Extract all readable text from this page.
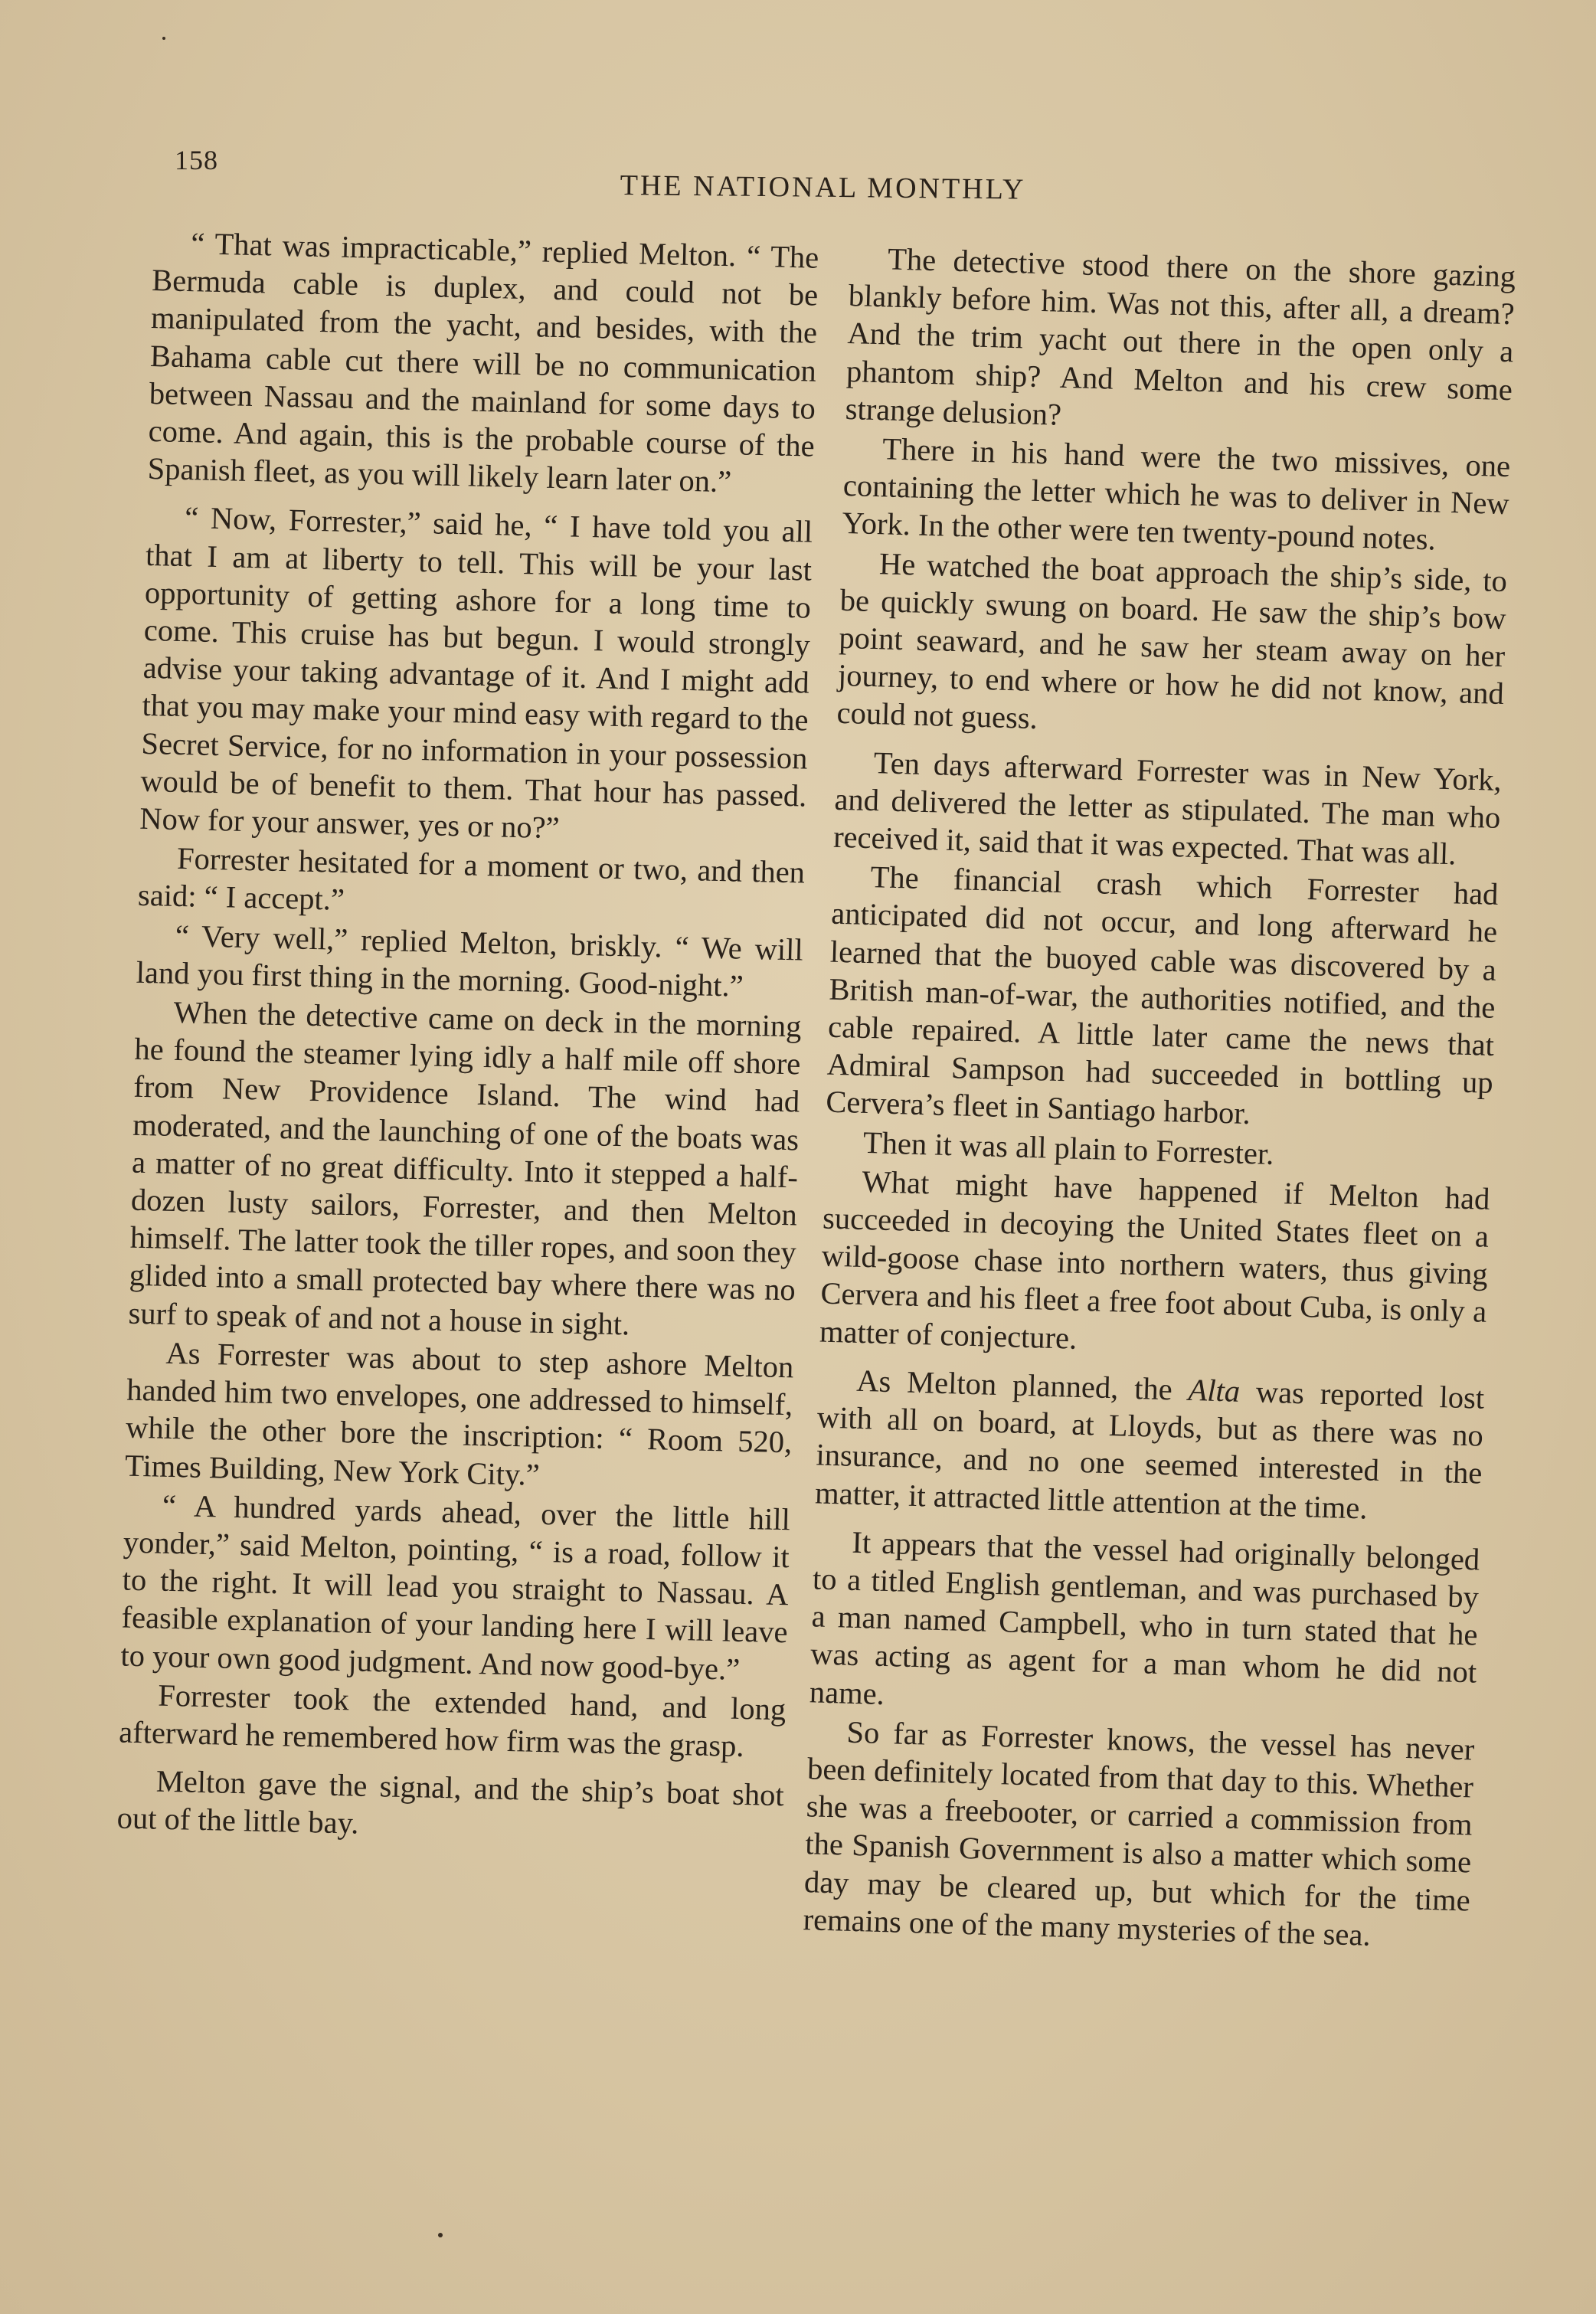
158
THE NATIONAL MONTHLY

“ That was impracticable,” replied Melton. “ The Bermuda cable is duplex, and could not be manipulated from the yacht, and besides, with the Bahama cable cut there will be no communication between Nassau and the mainland for some days to come. And again, this is the probable course of the Spanish fleet, as you will likely learn later on.”

“ Now, Forrester,” said he, “ I have told you all that I am at liberty to tell. This will be your last opportunity of getting ashore for a long time to come. This cruise has but begun. I would strongly advise your taking advantage of it. And I might add that you may make your mind easy with regard to the Secret Service, for no information in your possession would be of benefit to them. That hour has passed. Now for your answer, yes or no?”

Forrester hesitated for a moment or two, and then said: “ I accept.”

“ Very well,” replied Melton, briskly. “ We will land you first thing in the morning. Good-night.”

When the detective came on deck in the morning he found the steamer lying idly a half mile off shore from New Providence Island. The wind had moderated, and the launching of one of the boats was a matter of no great difficulty. Into it stepped a half-dozen lusty sailors, Forrester, and then Melton himself. The latter took the tiller ropes, and soon they glided into a small protected bay where there was no surf to speak of and not a house in sight.

As Forrester was about to step ashore Melton handed him two envelopes, one addressed to himself, while the other bore the inscription: “ Room 520, Times Building, New York City.”

“ A hundred yards ahead, over the little hill yonder,” said Melton, pointing, “ is a road, follow it to the right. It will lead you straight to Nassau. A feasible explanation of your landing here I will leave to your own good judgment. And now good-bye.”

Forrester took the extended hand, and long afterward he remembered how firm was the grasp.

Melton gave the signal, and the ship’s boat shot out of the little bay.

The detective stood there on the shore gazing blankly before him. Was not this, after all, a dream? And the trim yacht out there in the open only a phantom ship? And Melton and his crew some strange delusion?

There in his hand were the two missives, one containing the letter which he was to deliver in New York. In the other were ten twenty-pound notes.

He watched the boat approach the ship’s side, to be quickly swung on board. He saw the ship’s bow point seaward, and he saw her steam away on her journey, to end where or how he did not know, and could not guess.

Ten days afterward Forrester was in New York, and delivered the letter as stipulated. The man who received it, said that it was expected. That was all.

The financial crash which Forrester had anticipated did not occur, and long afterward he learned that the buoyed cable was discovered by a British man-of-war, the authorities notified, and the cable repaired. A little later came the news that Admiral Sampson had succeeded in bottling up Cervera’s fleet in Santiago harbor.

Then it was all plain to Forrester.

What might have happened if Melton had succeeded in decoying the United States fleet on a wild-goose chase into northern waters, thus giving Cervera and his fleet a free foot about Cuba, is only a matter of conjecture.

As Melton planned, the Alta was reported lost with all on board, at Lloyds, but as there was no insurance, and no one seemed interested in the matter, it attracted little attention at the time.

It appears that the vessel had originally belonged to a titled English gentleman, and was purchased by a man named Campbell, who in turn stated that he was acting as agent for a man whom he did not name.

So far as Forrester knows, the vessel has never been definitely located from that day to this. Whether she was a freebooter, or carried a commission from the Spanish Government is also a matter which some day may be cleared up, but which for the time remains one of the many mysteries of the sea.
